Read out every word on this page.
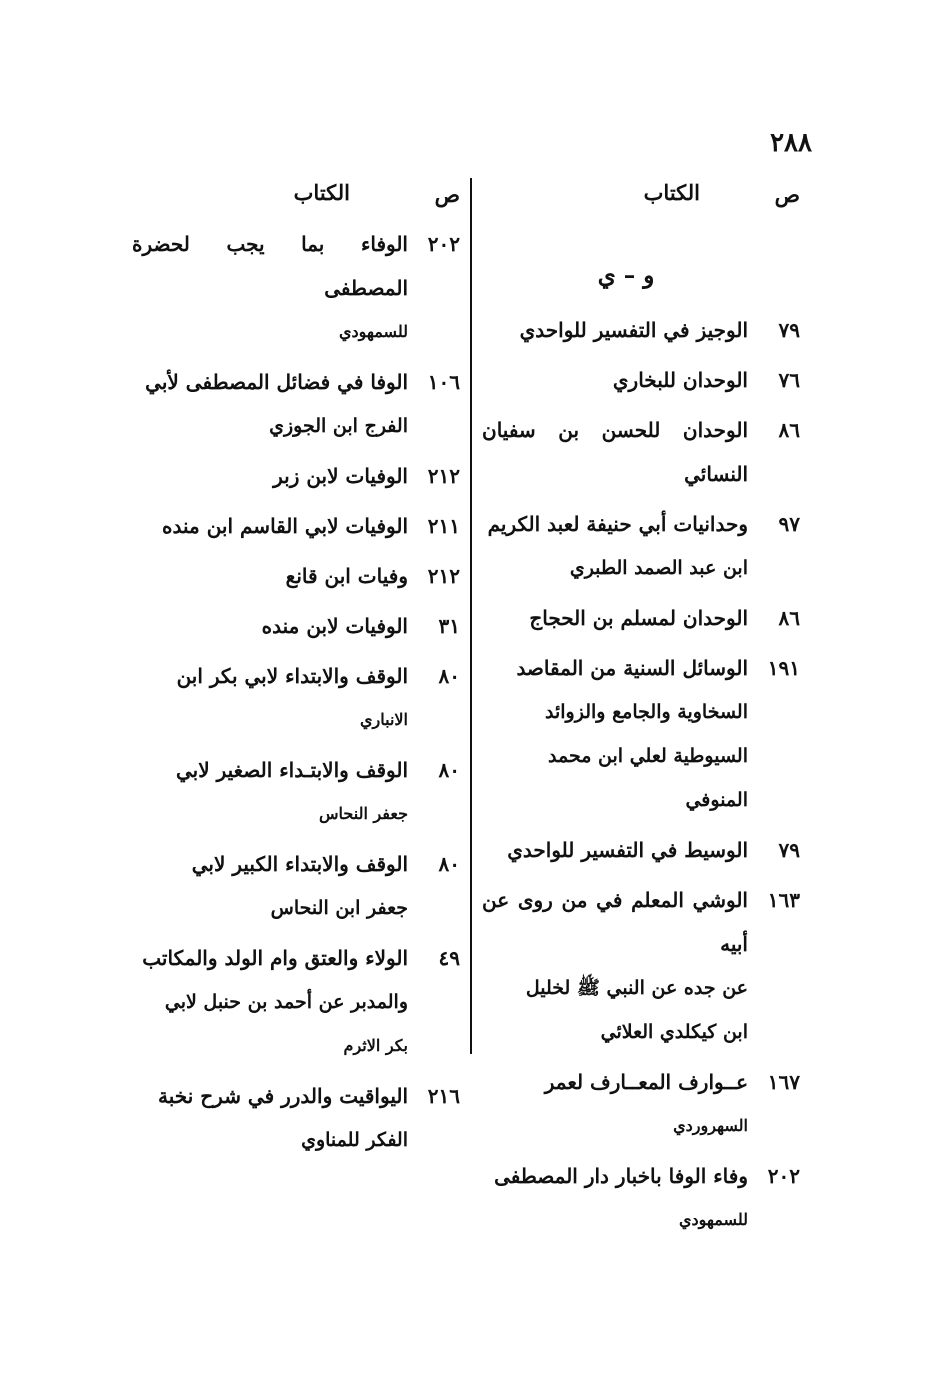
٢٨٨
ص
الكتاب
و – ي
٧٩
الوجيز في التفسير للواحدي
٧٦
الوحدان للبخاري
٨٦
الوحدان للحسن بن سفيان النسائي
٩٧
وحدانيات أبي حنيفة لعبد الكريم
ابن عبد الصمد الطبري
٨٦
الوحدان لمسلم بن الحجاج
١٩١
الوسائل السنية من المقاصد
السخاوية والجامع والزوائد
السيوطية لعلي ابن محمد المنوفي
٧٩
الوسيط في التفسير للواحدي
١٦٣
الوشي المعلم في من روى عن أبيه
عن جده عن النبي ﷺ لخليل
ابن كيكلدي العلائي
١٦٧
عــوارف المعــارف لعمر
السهروردي
٢٠٢
وفاء الوفا باخبار دار المصطفى
للسمهودي
ص
الكتاب
٢٠٢
الوفاء بما يجب لحضرة المصطفى
للسمهودي
١٠٦
الوفا في فضائل المصطفى لأبي
الفرج ابن الجوزي
٢١٢
الوفيات لابن زبر
٢١١
الوفيات لابي القاسم ابن منده
٢١٢
وفيات ابن قانع
٣١
الوفيات لابن منده
٨٠
الوقف والابتداء لابي بكر ابن
الانباري
٨٠
الوقف والابتـداء الصغير لابي
جعفر النحاس
٨٠
الوقف والابتداء الكبير لابي
جعفر ابن النحاس
٤٩
الولاء والعتق وام الولد والمكاتب
والمدبر عن أحمد بن حنبل لابي
بكر الاثرم
٢١٦
اليواقيت والدرر في شرح نخبة
الفكر للمناوي
